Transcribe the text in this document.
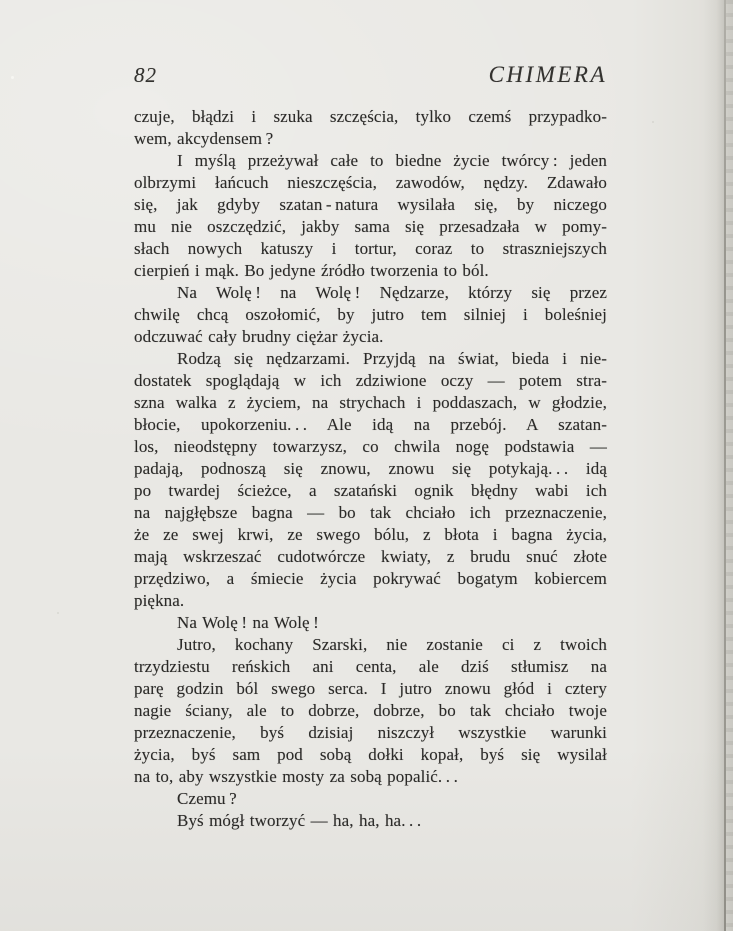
82	CHIMERA
czuje, błądzi i szuka szczęścia, tylko czemś przypadko-
wem, akcydensem ?
I myślą przeżywał całe to biedne życie twórcy : jeden
olbrzymi łańcuch nieszczęścia, zawodów, nędzy. Zdawało
się, jak gdyby szatan - natura wysilała się, by niczego
mu nie oszczędzić, jakby sama się przesadzała w pomy-
słach nowych katuszy i tortur, coraz to straszniejszych
cierpień i mąk. Bo jedyne źródło tworzenia to ból.
Na Wolę ! na Wolę ! Nędzarze, którzy się przez
chwilę chcą oszołomić, by jutro tem silniej i boleśniej
odczuwać cały brudny ciężar życia.
Rodzą się nędzarzami. Przyjdą na świat, bieda i nie-
dostatek spoglądają w ich zdziwione oczy — potem stra-
szna walka z życiem, na strychach i poddaszach, w głodzie,
błocie, upokorzeniu. . . Ale idą na przebój. A szatan-
los, nieodstępny towarzysz, co chwila nogę podstawia —
padają, podnoszą się znowu, znowu się potykają. . . idą
po twardej ścieżce, a szatański ognik błędny wabi ich
na najgłębsze bagna — bo tak chciało ich przeznaczenie,
że ze swej krwi, ze swego bólu, z błota i bagna życia,
mają wskrzeszać cudotwórcze kwiaty, z brudu snuć złote
przędziwo, a śmiecie życia pokrywać bogatym kobiercem
piękna.
Na Wolę ! na Wolę !
Jutro, kochany Szarski, nie zostanie ci z twoich
trzydziestu reńskich ani centa, ale dziś stłumisz na
parę godzin ból swego serca. I jutro znowu głód i cztery
nagie ściany, ale to dobrze, dobrze, bo tak chciało twoje
przeznaczenie, byś dzisiaj niszczył wszystkie warunki
życia, byś sam pod sobą dołki kopał, byś się wysilał
na to, aby wszystkie mosty za sobą popalić. . .
Czemu ?
Byś mógł tworzyć — ha, ha, ha. . .
